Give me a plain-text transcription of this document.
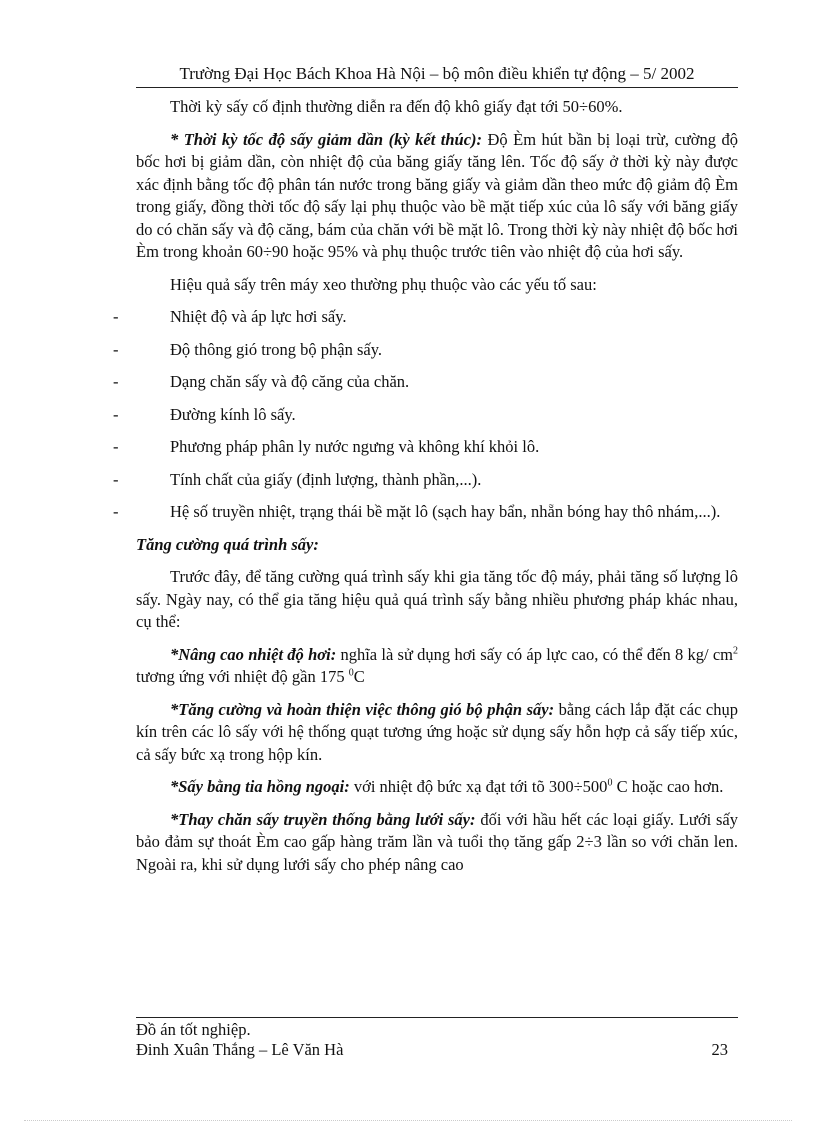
Trường Đại Học Bách Khoa Hà Nội – bộ môn điều khiển tự động – 5/ 2002

Thời kỳ sấy cố định thường diễn ra đến độ khô giấy đạt tới 50÷60%.

* Thời kỳ tốc độ sấy giảm dần (kỳ kết thúc): Độ Èm hút bần bị loại trừ, cường độ bốc hơi bị giảm dần, còn nhiệt độ của băng giấy tăng lên. Tốc độ sấy ở thời kỳ này được xác định bằng tốc độ phân tán nước trong băng giấy và giảm dần theo mức độ giảm độ Èm trong giấy, đồng thời tốc độ sấy lại phụ thuộc vào bề mặt tiếp xúc của lô sấy với băng giấy do có chăn sấy và độ căng, bám của chăn với bề mặt lô. Trong thời kỳ này nhiệt độ bốc hơi Èm trong khoản 60÷90 hoặc 95% và phụ thuộc trước tiên vào nhiệt độ của hơi sấy.

Hiệu quả sấy trên máy xeo thường phụ thuộc vào các yếu tố sau:

-	Nhiệt độ và áp lực hơi sấy.
-	Độ thông gió trong bộ phận sấy.
-	Dạng chăn sấy và độ căng của chăn.
-	Đường kính lô sấy.
-	Phương pháp phân ly nước ngưng và không khí khỏi lô.
-	Tính chất của giấy (định lượng, thành phần,...).

-	Hệ số truyền nhiệt, trạng thái bề mặt lô (sạch hay bẩn, nhẵn bóng hay thô nhám,...).

Tăng cường quá trình sấy:

Trước đây, để tăng cường quá trình sấy khi gia tăng tốc độ máy, phải tăng số lượng lô sấy. Ngày nay, có thể gia tăng hiệu quả quá trình sấy bằng nhiều phương pháp khác nhau, cụ thể:

*Nâng cao nhiệt độ hơi: nghĩa là sử dụng hơi sấy có áp lực cao, có thể đến 8 kg/ $cm^2$ tương ứng với nhiệt độ gần 175 $^0$C

*Tăng cường và hoàn thiện việc thông gió bộ phận sấy: bằng cách lắp đặt các chụp kín trên các lô sấy với hệ thống quạt tương ứng hoặc sử dụng sấy hỗn hợp cả sấy tiếp xúc, cả sấy bức xạ trong hộp kín.

*Sấy bằng tia hồng ngoại: với nhiệt độ bức xạ đạt tới tõ $300\div 500^0$ C hoặc cao hơn.

*Thay chăn sấy truyền thống bằng lưới sấy: đối với hầu hết các loại giấy. Lưới sấy bảo đảm sự thoát Èm cao gấp hàng trăm lần và tuổi thọ tăng gấp 2÷3 lần so với chăn len. Ngoài ra, khi sử dụng lưới sấy cho phép nâng cao

Đồ án tốt nghiệp.
Đinh Xuân Thắng – Lê Văn Hà	23
